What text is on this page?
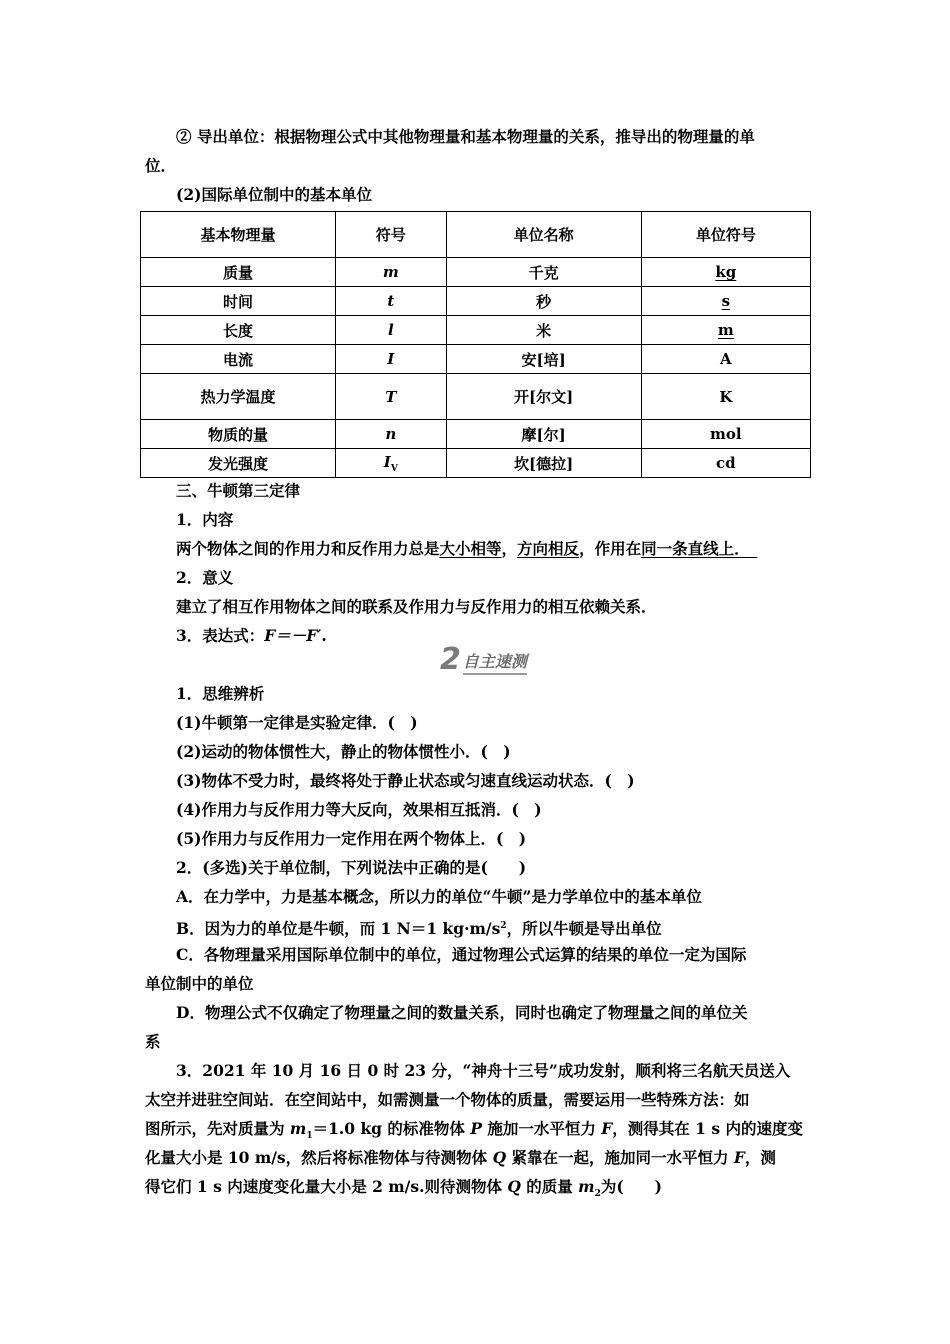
② 导出单位：根据物理公式中其他物理量和基本物理量的关系，推导出的物理量的单
位．
(2)国际单位制中的基本单位
基本物理量	符号	单位名称	单位符号
质量	m	千克	kg
时间	t	秒	s
长度	l	米	m
电流	I	安[培]	A
热力学温度	T	开[尔文]	K
物质的量	n	摩[尔]	mol
发光强度	$I_V$	坎[德拉]	cd
三、牛顿第三定律
1．内容
两个物体之间的作用力和反作用力总是大小相等，方向相反，作用在同一条直线上．　
2．意义
建立了相互作用物体之间的联系及作用力与反作用力的相互依赖关系．
3．表达式：F＝－F′.
2 自主速测
1．思维辨析
(1)牛顿第一定律是实验定律．(　)
(2)运动的物体惯性大，静止的物体惯性小．(　)
(3)物体不受力时，最终将处于静止状态或匀速直线运动状态．(　)
(4)作用力与反作用力等大反向，效果相互抵消．(　)
(5)作用力与反作用力一定作用在两个物体上．(　)
2．(多选)关于单位制，下列说法中正确的是(　　)
A．在力学中，力是基本概念，所以力的单位“牛顿”是力学单位中的基本单位
B．因为力的单位是牛顿，而 1 N＝1 $kg\cdot m/s^2$，所以牛顿是导出单位
C．各物理量采用国际单位制中的单位，通过物理公式运算的结果的单位一定为国际
单位制中的单位
D．物理公式不仅确定了物理量之间的数量关系，同时也确定了物理量之间的单位关
系
3．2021 年 10 月 16 日 0 时 23 分，“神舟十三号”成功发射，顺利将三名航天员送入
太空并进驻空间站．在空间站中，如需测量一个物体的质量，需要运用一些特殊方法：如
图所示，先对质量为 $m_1=1.0$ kg 的标准物体 P 施加一水平恒力 F，测得其在 1 s 内的速度变
化量大小是 10 m/s，然后将标准物体与待测物体 Q 紧靠在一起，施加同一水平恒力 F，测
得它们 1 s 内速度变化量大小是 2 m/s.则待测物体 Q 的质量 $m_2$为(　　)
